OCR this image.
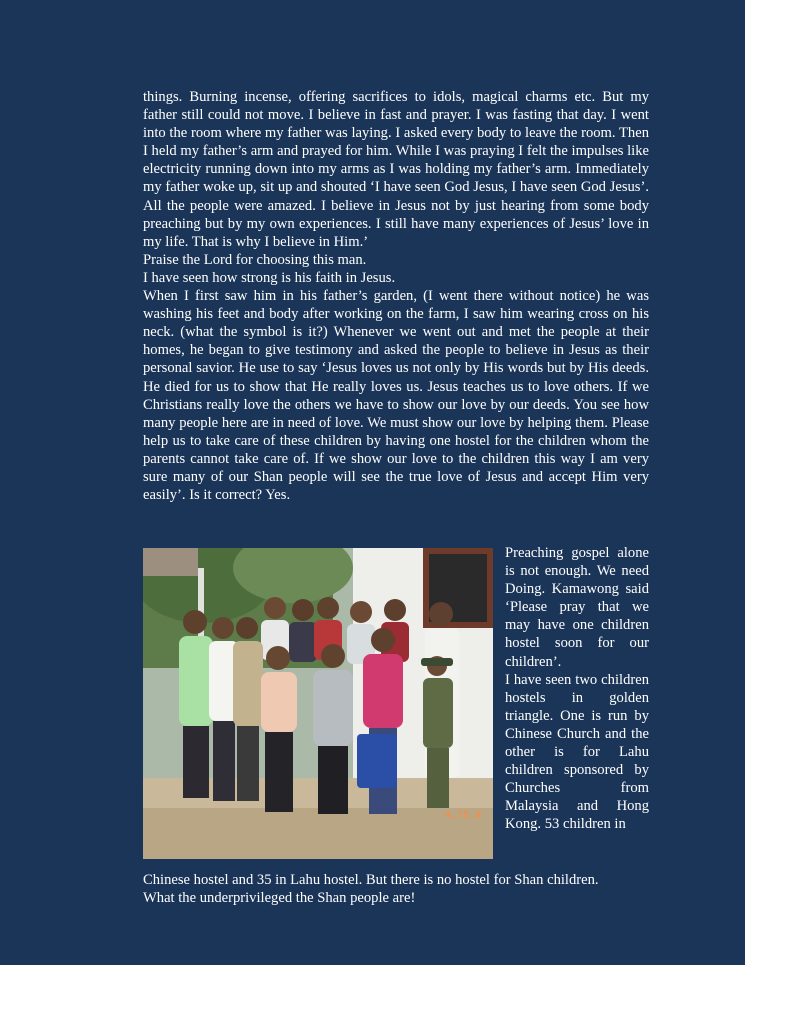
things. Burning incense, offering sacrifices to idols, magical charms etc. But my father still could not move. I believe in fast and prayer. I was fasting that day. I went into the room where my father was laying. I asked every body to leave the room. Then I held my father’s arm and prayed for him. While I was praying I felt the impulses like electricity running down into my arms as I was holding my father’s arm. Immediately my father woke up, sit up and shouted ‘I have seen God Jesus, I have seen God Jesus’. All the people were amazed. I believe in Jesus not by just hearing from some body preaching but by my own experiences. I still have many experiences of Jesus’ love in my life. That is why I believe in Him.’

Praise the Lord for choosing this man.

I have seen how strong is his faith in Jesus.

When I first saw him in his father’s garden, (I went there without notice) he was washing his feet and body after working on the farm, I saw him wearing cross on his neck. (what the symbol is it?) Whenever we went out and met the people at their homes, he began to give testimony and asked the people to believe in Jesus as their personal savior. He use to say ‘Jesus loves us not only by His words but by His deeds. He died for us to show that He really loves us. Jesus teaches us to love others. If we Christians really love the others we have to show our love by our deeds. You see how many people here are in need of love. We must show our love by helping them. Please help us to take care of these children by having one hostel for the children whom the parents cannot take care of. If we show our love to the children this way I am very sure many of our Shan people will see the true love of Jesus and accept Him very easily’. Is it correct? Yes.

4.75.0

Preaching gospel alone is not enough. We need Doing. Kamawong said ‘Please pray that we may have one children hostel soon for our children’.

I have seen two children hostels in golden triangle. One is run by Chinese Church and the other is for Lahu children sponsored by Churches from Malaysia and Hong Kong. 53 children in

Chinese hostel and 35 in Lahu hostel. But there is no hostel for Shan children.

What the underprivileged the Shan people are!
